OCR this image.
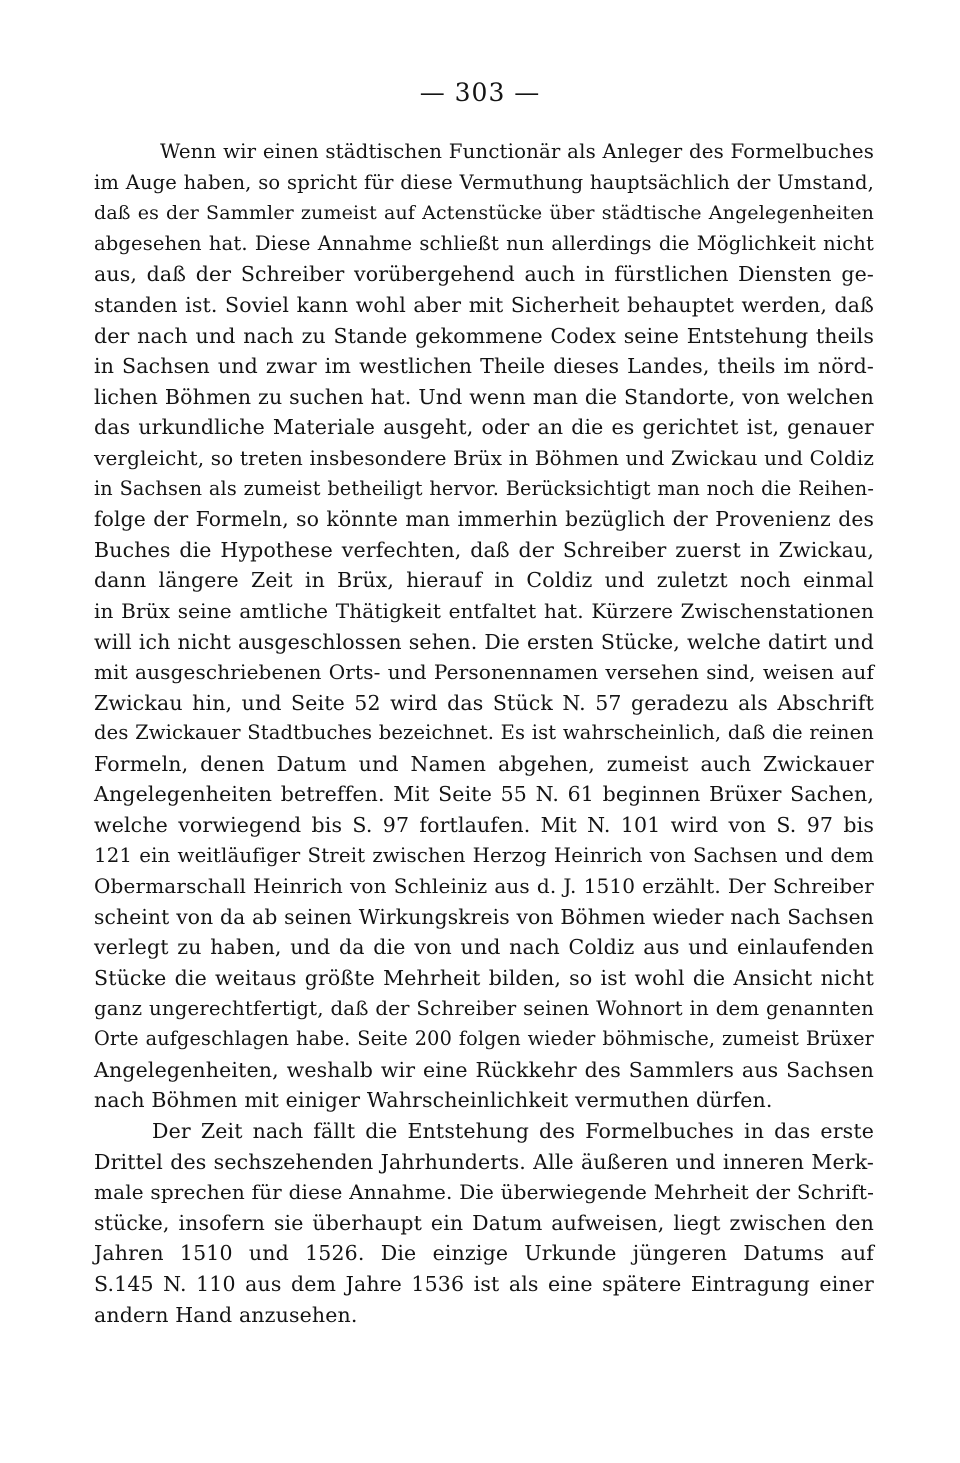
— 303 —
Wenn wir einen städtischen Functionär als Anleger des Formelbuches
im Auge haben, so spricht für diese Vermuthung hauptsächlich der Umstand,
daß es der Sammler zumeist auf Actenstücke über städtische Angelegenheiten
abgesehen hat. Diese Annahme schließt nun allerdings die Möglichkeit nicht
aus, daß der Schreiber vorübergehend auch in fürstlichen Diensten ge-
standen ist. Soviel kann wohl aber mit Sicherheit behauptet werden, daß
der nach und nach zu Stande gekommene Codex seine Entstehung theils
in Sachsen und zwar im westlichen Theile dieses Landes, theils im nörd-
lichen Böhmen zu suchen hat. Und wenn man die Standorte, von welchen
das urkundliche Materiale ausgeht, oder an die es gerichtet ist, genauer
vergleicht, so treten insbesondere Brüx in Böhmen und Zwickau und Coldiz
in Sachsen als zumeist betheiligt hervor. Berücksichtigt man noch die Reihen-
folge der Formeln, so könnte man immerhin bezüglich der Provenienz des
Buches die Hypothese verfechten, daß der Schreiber zuerst in Zwickau,
dann längere Zeit in Brüx, hierauf in Coldiz und zuletzt noch einmal
in Brüx seine amtliche Thätigkeit entfaltet hat. Kürzere Zwischenstationen
will ich nicht ausgeschlossen sehen. Die ersten Stücke, welche datirt und
mit ausgeschriebenen Orts- und Personennamen versehen sind, weisen auf
Zwickau hin, und Seite 52 wird das Stück N. 57 geradezu als Abschrift
des Zwickauer Stadtbuches bezeichnet. Es ist wahrscheinlich, daß die reinen
Formeln, denen Datum und Namen abgehen, zumeist auch Zwickauer
Angelegenheiten betreffen. Mit Seite 55 N. 61 beginnen Brüxer Sachen,
welche vorwiegend bis S. 97 fortlaufen. Mit N. 101 wird von S. 97 bis
121 ein weitläufiger Streit zwischen Herzog Heinrich von Sachsen und dem
Obermarschall Heinrich von Schleiniz aus d. J. 1510 erzählt. Der Schreiber
scheint von da ab seinen Wirkungskreis von Böhmen wieder nach Sachsen
verlegt zu haben, und da die von und nach Coldiz aus und einlaufenden
Stücke die weitaus größte Mehrheit bilden, so ist wohl die Ansicht nicht
ganz ungerechtfertigt, daß der Schreiber seinen Wohnort in dem genannten
Orte aufgeschlagen habe. Seite 200 folgen wieder böhmische, zumeist Brüxer
Angelegenheiten, weshalb wir eine Rückkehr des Sammlers aus Sachsen
nach Böhmen mit einiger Wahrscheinlichkeit vermuthen dürfen.
Der Zeit nach fällt die Entstehung des Formelbuches in das erste
Drittel des sechszehenden Jahrhunderts. Alle äußeren und inneren Merk-
male sprechen für diese Annahme. Die überwiegende Mehrheit der Schrift-
stücke, insofern sie überhaupt ein Datum aufweisen, liegt zwischen den
Jahren 1510 und 1526. Die einzige Urkunde jüngeren Datums auf
S.145 N. 110 aus dem Jahre 1536 ist als eine spätere Eintragung einer
andern Hand anzusehen.
